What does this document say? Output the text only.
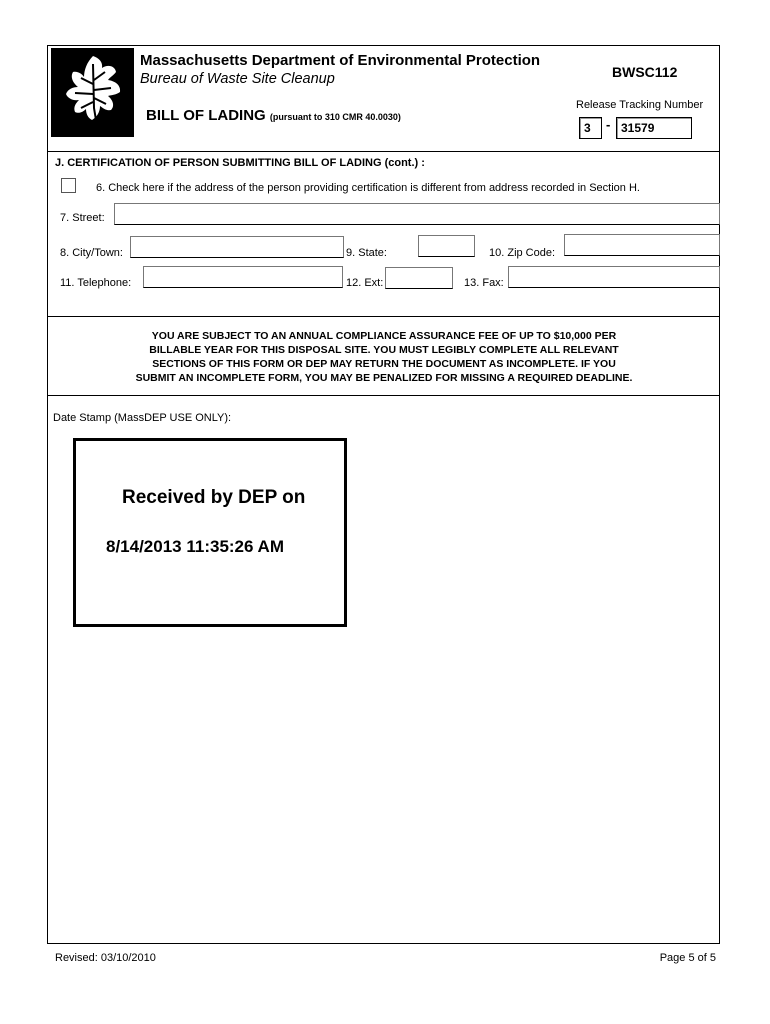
Massachusetts Department of Environmental Protection
Bureau of Waste Site Cleanup
BILL OF LADING (pursuant to 310 CMR 40.0030)
BWSC112
Release Tracking Number
3	- 31579
J. CERTIFICATION OF PERSON SUBMITTING BILL OF LADING (cont.) :
6. Check here if the address of the person providing certification is different from address recorded in Section H.
7. Street:
8. City/Town:	9. State:	10. Zip Code:
11. Telephone:	12. Ext:	13. Fax:
YOU ARE SUBJECT TO AN ANNUAL COMPLIANCE ASSURANCE FEE OF UP TO $10,000 PER
BILLABLE YEAR FOR THIS DISPOSAL SITE. YOU MUST LEGIBLY COMPLETE ALL RELEVANT
SECTIONS OF THIS FORM OR DEP MAY RETURN THE DOCUMENT AS INCOMPLETE. IF YOU
SUBMIT AN INCOMPLETE FORM, YOU MAY BE PENALIZED FOR MISSING A REQUIRED DEADLINE.
Date Stamp (MassDEP USE ONLY):
Received by DEP on
8/14/2013 11:35:26 AM
Revised: 03/10/2010	Page 5 of 5
